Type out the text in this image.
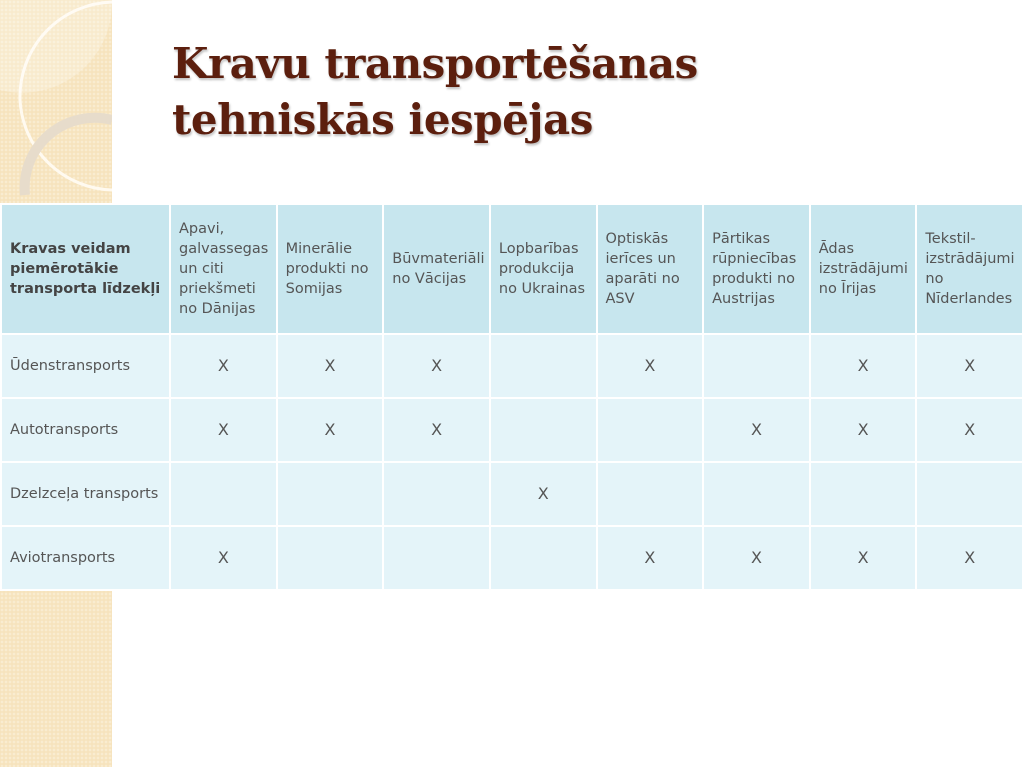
Kravu transportēšanas
tehniskās iespējas
Kravas veidam piemērotākie transporta līdzekļi	Apavi, galvassegas un citi priekšmeti no Dānijas	Minerālie produkti no Somijas	Būvmateriāli no Vācijas	Lopbarības produkcija no Ukrainas	Optiskās ierīces un aparāti no ASV	Pārtikas rūpniecības produkti no Austrijas	Ādas izstrādājumi no Īrijas	Tekstil-izstrādājumi no Nīderlandes
Ūdenstransports	X	X	X		X		X	X
Autotransports	X	X	X			X	X	X
Dzelzceļa transports				X				
Aviotransports	X				X	X	X	X
